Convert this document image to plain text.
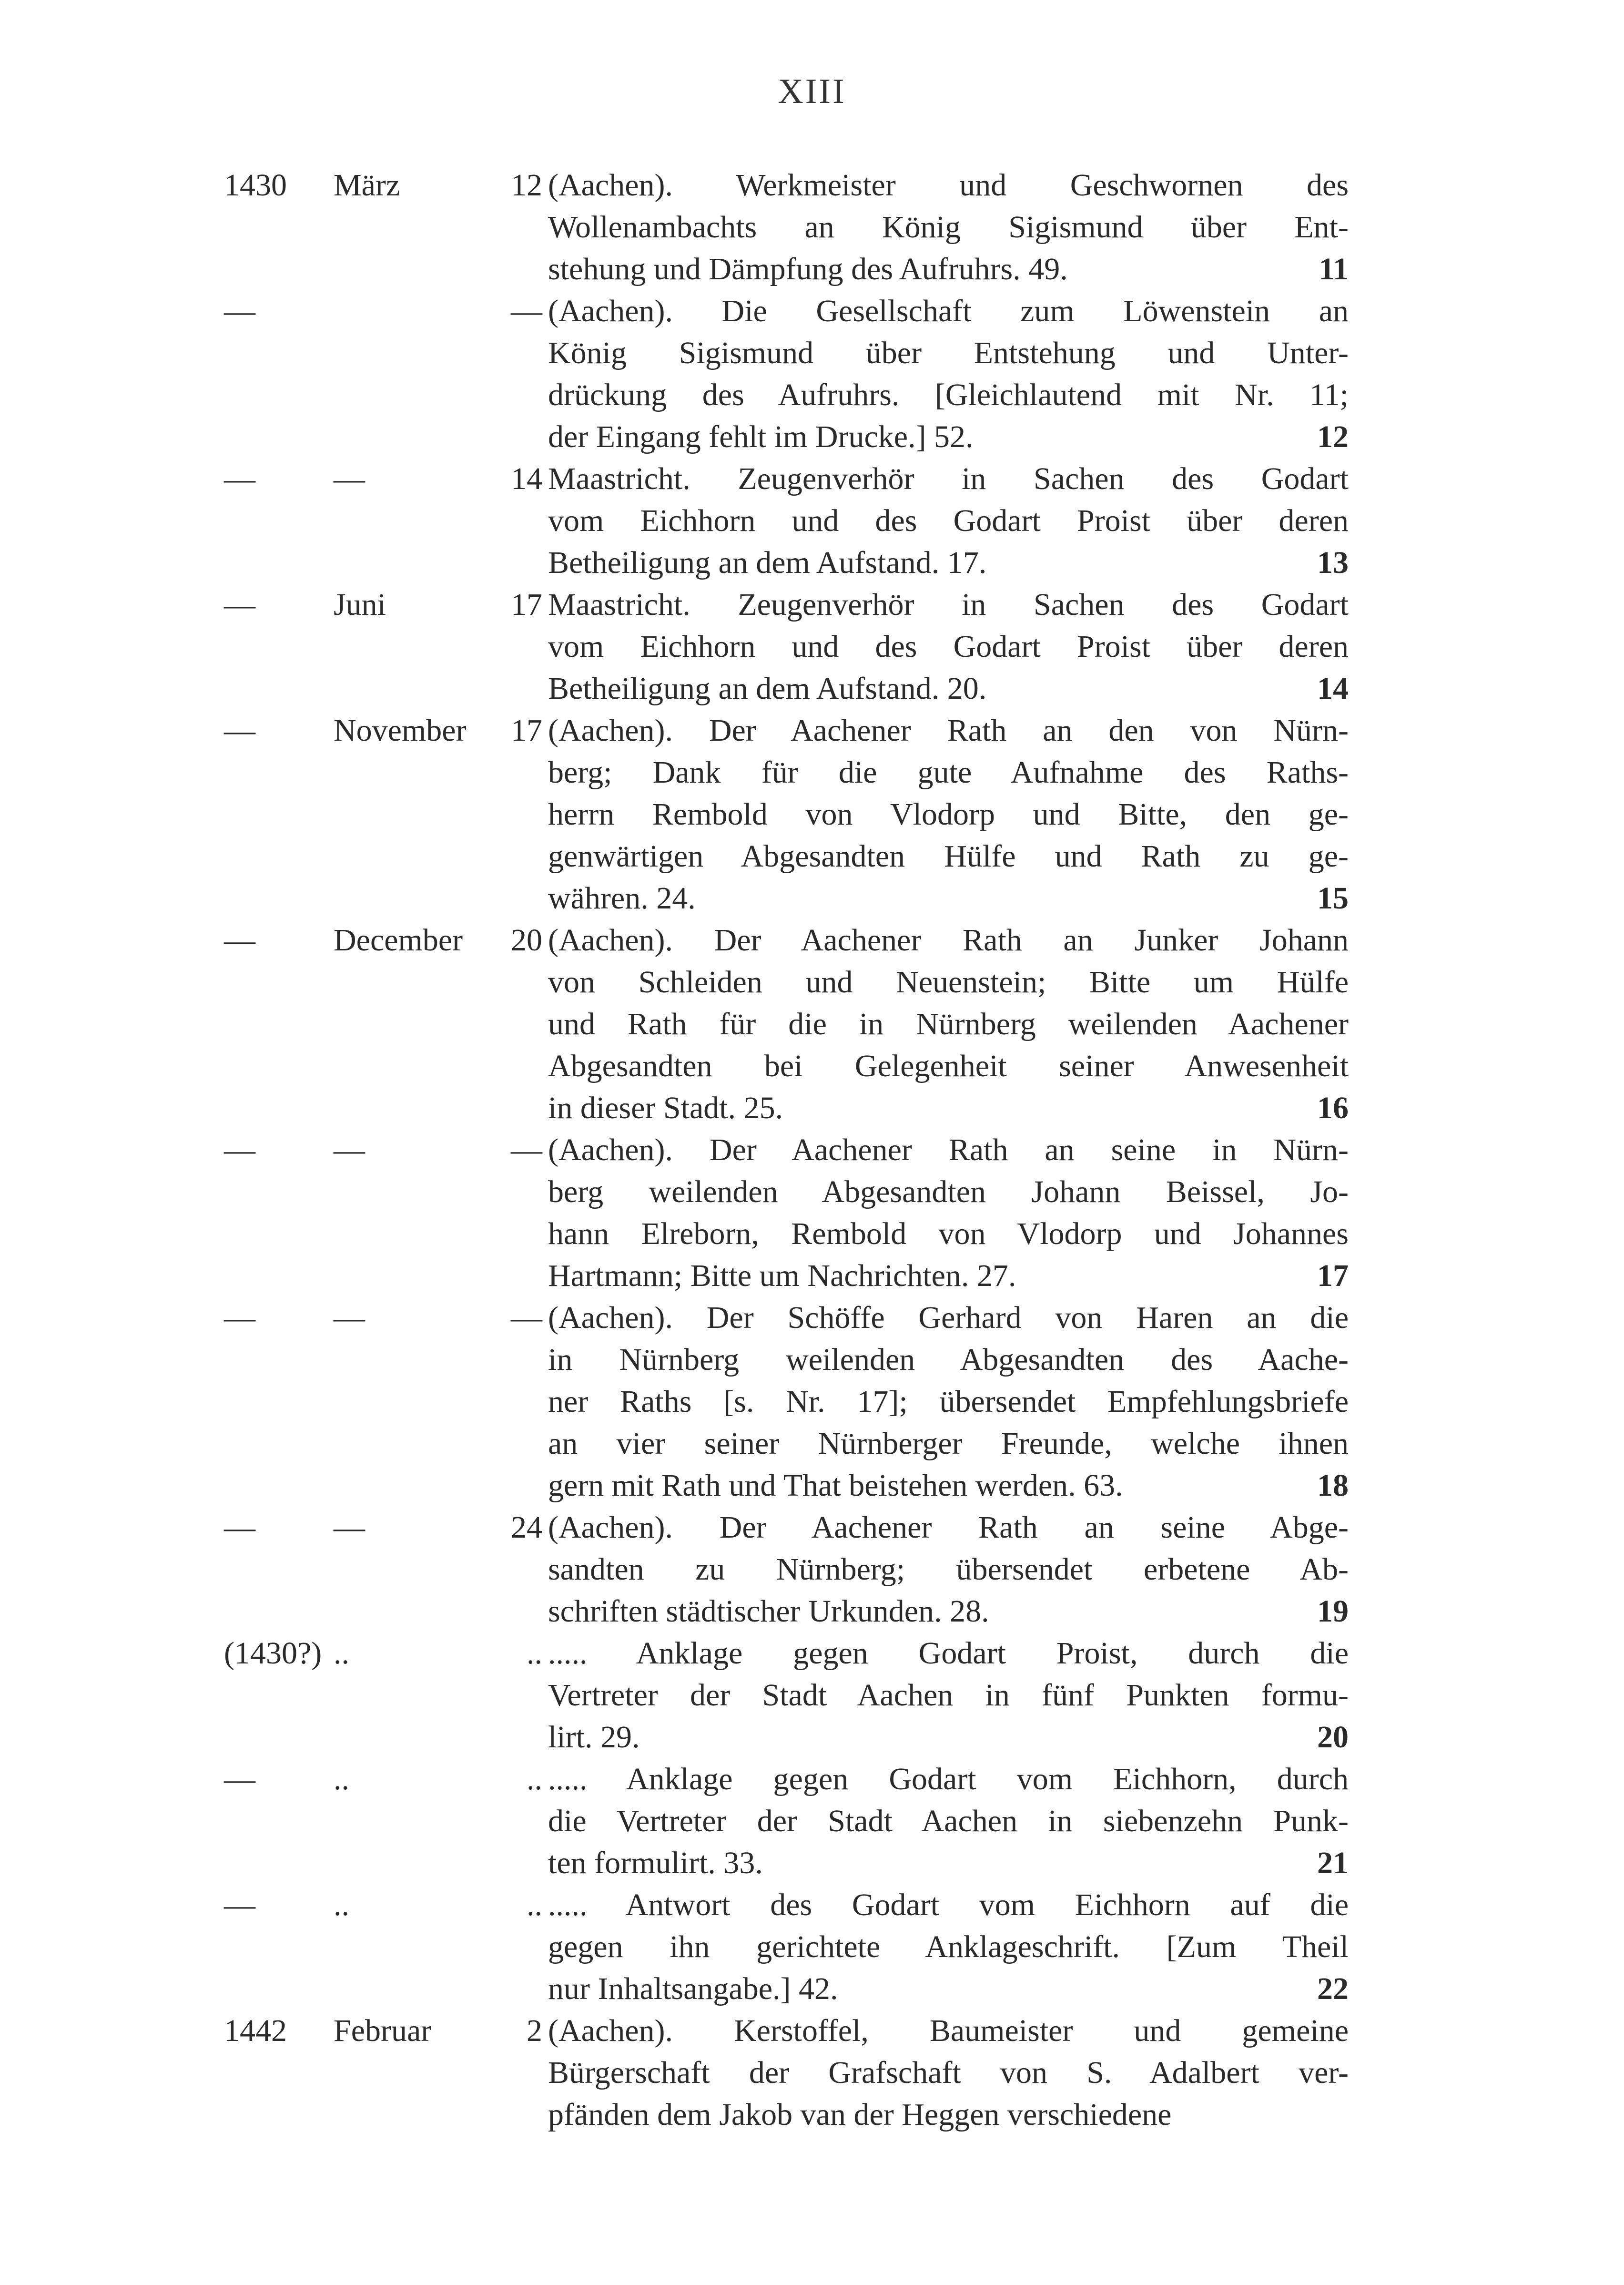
XIII
1430 März	12 (Aachen). Werkmeister und Geschwornen des
Wollenambachts an König Sigismund über Ent-
stehung und Dämpfung des Aufruhrs. 49.	11
—	— (Aachen). Die Gesellschaft zum Löwenstein an
König Sigismund über Entstehung und Unter-
drückung des Aufruhrs. [Gleichlautend mit Nr. 11;
der Eingang fehlt im Drucke.] 52.	12
— —	14 Maastricht. Zeugenverhör in Sachen des Godart
vom Eichhorn und des Godart Proist über deren
Betheiligung an dem Aufstand. 17.	13
— Juni	17 Maastricht. Zeugenverhör in Sachen des Godart
vom Eichhorn und des Godart Proist über deren
Betheiligung an dem Aufstand. 20.	14
— November 17 (Aachen). Der Aachener Rath an den von Nürn-
berg; Dank für die gute Aufnahme des Raths-
herrn Rembold von Vlodorp und Bitte, den ge-
genwärtigen Abgesandten Hülfe und Rath zu ge-
währen. 24.	15
— December 20 (Aachen). Der Aachener Rath an Junker Johann
von Schleiden und Neuenstein; Bitte um Hülfe
und Rath für die in Nürnberg weilenden Aachener
Abgesandten bei Gelegenheit seiner Anwesenheit
in dieser Stadt. 25.	16
— —	— (Aachen). Der Aachener Rath an seine in Nürn-
berg weilenden Abgesandten Johann Beissel, Jo-
hann Elreborn, Rembold von Vlodorp und Johannes
Hartmann; Bitte um Nachrichten. 27.	17
— —	— (Aachen). Der Schöffe Gerhard von Haren an die
in Nürnberg weilenden Abgesandten des Aache-
ner Raths [s. Nr. 17]; übersendet Empfehlungsbriefe
an vier seiner Nürnberger Freunde, welche ihnen
gern mit Rath und That beistehen werden. 63.	18
— —	24 (Aachen). Der Aachener Rath an seine Abge-
sandten zu Nürnberg; übersendet erbetene Ab-
schriften städtischer Urkunden. 28.	19
(1430?) ..	.. ..... Anklage gegen Godart Proist, durch die
Vertreter der Stadt Aachen in fünf Punkten formu-
lirt. 29.	20
— ..	.. ..... Anklage gegen Godart vom Eichhorn, durch
die Vertreter der Stadt Aachen in siebenzehn Punk-
ten formulirt. 33.	21
— ..	.. ..... Antwort des Godart vom Eichhorn auf die
gegen ihn gerichtete Anklageschrift. [Zum Theil
nur Inhaltsangabe.] 42.	22
1442 Februar	2 (Aachen). Kerstoffel, Baumeister und gemeine
Bürgerschaft der Grafschaft von S. Adalbert ver-
pfänden dem Jakob van der Heggen verschiedene
